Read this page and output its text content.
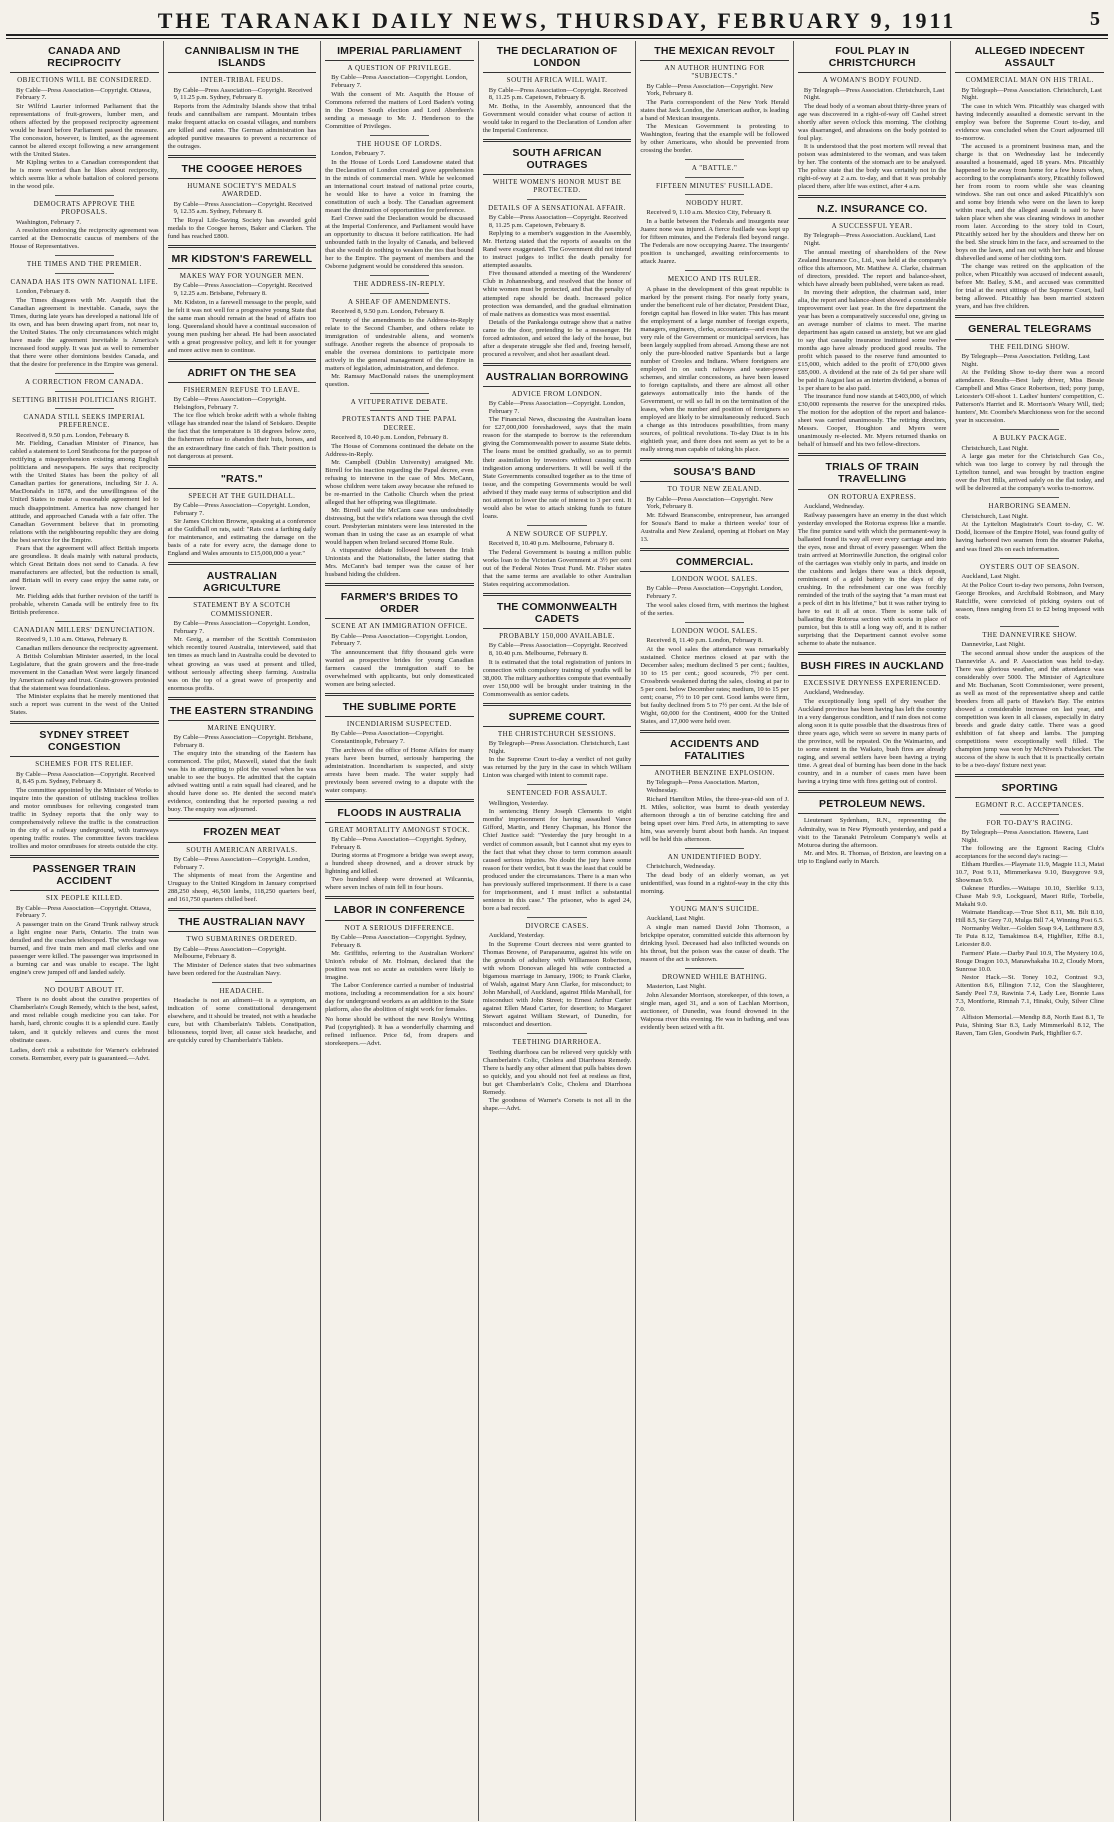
THE TARANAKI DAILY NEWS, THURSDAY, FEBRUARY 9, 1911	5
CANADA AND RECIPROCITY
OBJECTIONS WILL BE CONSIDERED.
By Cable—Press Association—Copyright. Ottawa, February 7.

Sir Wilfrid Laurier informed Parliament that the representations of fruit-growers, lumber men, and others affected by the proposed reciprocity agreement would be heard before Parliament passed the measure. The concession, however, is limited, as the agreement cannot be altered except following a new arrangement with the United States.

Mr Kipling writes to a Canadian correspondent that he is more worried than he likes about reciprocity, which seems like a whole battalion of colored persons in the wood pile.

DEMOCRATS APPROVE THE PROPOSALS.
Washington, February 7.

A resolution endorsing the reciprocity agreement was carried at the Democratic caucus of members of the House of Representatives.

THE TIMES AND THE PREMIER.
CANADA HAS ITS OWN NATIONAL LIFE.
London, February 8.

The Times disagrees with Mr. Asquith that the Canadian agreement is inevitable. Canada, says the Times, during late years has developed a national life of its own, and has been drawing apart from, not near to, the United States. The only circumstances which might have made the agreement inevitable is America's increased food supply. It was just as well to remember that there were other dominions besides Canada, and that the desire for preference in the Empire was general.

A CORRECTION FROM CANADA.
SETTING BRITISH POLITICIANS RIGHT.
CANADA STILL SEEKS IMPERIAL PREFERENCE.
Received 8, 9.50 p.m. London, February 8.

Mr. Fielding, Canadian Minister of Finance, has cabled a statement to Lord Strathcona for the purpose of rectifying a misapprehension existing among English politicians and newspapers. He says that reciprocity with the United States has been the policy of all Canadian parties for generations, including Sir J. A. MacDonald's in 1878, and the unwillingness of the United States to make a reasonable agreement led to much disappointment. America has now changed her attitude, and approached Canada with a fair offer. The Canadian Government believe that in promoting relations with the neighbouring republic they are doing the best service for the Empire.

Fears that the agreement will affect British imports are groundless. It deals mainly with natural products, which Great Britain does not send to Canada. A few manufacturers are affected, but the reduction is small, and Britain will in every case enjoy the same rate, or lower.

Mr. Fielding adds that further revision of the tariff is probable, wherein Canada will be entirely free to fix British preference.

CANADIAN MILLERS' DENUNCIATION.
Received 9, 1.10 a.m. Ottawa, February 8.

Canadian millers denounce the reciprocity agreement.

A British Columbian Minister asserted, in the local Legislature, that the grain growers and the free-trade movement in the Canadian West were largely financed by American railway and trust. Grain-growers protested that the statement was foundationless.

The Minister explains that he merely mentioned that such a report was current in the west of the United States.

SYDNEY STREET CONGESTION
SCHEMES FOR ITS RELIEF.
By Cable—Press Association—Copyright. Received 8, 8.45 p.m. Sydney, February 8.

The committee appointed by the Minister of Works to inquire into the question of utilising trackless trollies and motor omnibuses for relieving congested tram traffic in Sydney reports that the only way to comprehensively relieve the traffic is the construction in the city of a railway underground, with tramways opening traffic routes. The committee favors trackless trollies and motor omnibuses for streets outside the city.

PASSENGER TRAIN ACCIDENT
SIX PEOPLE KILLED.
By Cable—Press Association—Copyright. Ottawa, February 7.

A passenger train on the Grand Trunk railway struck a light engine near Paris, Ontario. The train was derailed and the coaches telescoped. The wreckage was burned, and five train men and mail clerks and one passenger were killed. The passenger was imprisoned in a burning car and was unable to escape. The light engine's crew jumped off and landed safely.

NO DOUBT ABOUT IT.

There is no doubt about the curative properties of Chamberlain's Cough Remedy, which is the best, safest, and most reliable cough medicine you can take. For harsh, hard, chronic coughs it is a splendid cure. Easily taken, and it quickly relieves and cures the most obstinate cases.

Ladies, don't risk a substitute for Warner's celebrated corsets. Remember, every pair is guaranteed.—Advt.
CANNIBALISM IN THE ISLANDS
INTER-TRIBAL FEUDS.
By Cable—Press Association—Copyright. Received 9, 11.25 p.m. Sydney, February 8.

Reports from the Admiralty Islands show that tribal feuds and cannibalism are rampant. Mountain tribes make frequent attacks on coastal villages, and numbers are killed and eaten. The German administration has adopted punitive measures to prevent a recurrence of the outrages.

THE COOGEE HEROES
HUMANE SOCIETY'S MEDALS AWARDED.
By Cable—Press Association—Copyright. Received 9, 12.35 a.m. Sydney, February 8.

The Royal Life-Saving Society has awarded gold medals to the Coogee heroes, Baker and Clarken. The fund has reached £800.

MR KIDSTON'S FAREWELL
MAKES WAY FOR YOUNGER MEN.
By Cable—Press Association—Copyright. Received 9, 12.25 a.m. Brisbane, February 8.

Mr. Kidston, in a farewell message to the people, said he felt it was not well for a progressive young State that the same man should remain at the head of affairs too long. Queensland should have a continual succession of young men pushing her ahead. He had been associated with a great progressive policy, and left it for younger and more active men to continue.

ADRIFT ON THE SEA
FISHERMEN REFUSE TO LEAVE.
By Cable—Press Association—Copyright. Helsingfors, February 7.

The ice floe which broke adrift with a whole fishing village has stranded near the island of Seiskaro. Despite the fact that the temperature is 18 degrees below zero, the fishermen refuse to abandon their huts, horses, and the an extraordinary fine catch of fish. Their position is not dangerous at present.

"RATS."
SPEECH AT THE GUILDHALL.
By Cable—Press Association—Copyright. London, February 7.

Sir James Crichton Browne, speaking at a conference at the Guildhall on rats, said: "Rats cost a farthing daily for maintenance, and estimating the damage on the basis of a rate for every acre, the damage done to England and Wales amounts to £15,000,000 a year."

AUSTRALIAN AGRICULTURE
STATEMENT BY A SCOTCH COMMISSIONER.
By Cable—Press Association—Copyright. London, February 7.

Mr. Greig, a member of the Scottish Commission which recently toured Australia, interviewed, said that ten times as much land in Australia could be devoted to wheat growing as was used at present and tilled, without seriously affecting sheep farming. Australia was on the top of a great wave of prosperity and enormous profits.

THE EASTERN STRANDING
MARINE ENQUIRY.
By Cable—Press Association—Copyright. Brisbane, February 8.

The enquiry into the stranding of the Eastern has commenced. The pilot, Maxwell, stated that the fault was his in attempting to pilot the vessel when he was unable to see the buoys. He admitted that the captain advised waiting until a rain squall had cleared, and he should have done so. He denied the second mate's evidence, contending that he reported passing a red buoy. The enquiry was adjourned.

FROZEN MEAT
SOUTH AMERICAN ARRIVALS.
By Cable—Press Association—Copyright. London, February 7.

The shipments of meat from the Argentine and Uruguay to the United Kingdom in January comprised 288,250 sheep, 46,500 lambs, 118,250 quarters beef, and 161,750 quarters chilled beef.

THE AUSTRALIAN NAVY
TWO SUBMARINES ORDERED.
By Cable—Press Association—Copyright. Melbourne, February 8.

The Minister of Defence states that two submarines have been ordered for the Australian Navy.

HEADACHE.

Headache is not an ailment—it is a symptom, an indication of some constitutional derangement elsewhere, and it should be treated, not with a headache cure, but with Chamberlain's Tablets. Constipation, biliousness, torpid liver, all cause sick headache, and are quickly cured by Chamberlain's Tablets.

IMPERIAL PARLIAMENT
A QUESTION OF PRIVILEGE.
By Cable—Press Association—Copyright. London, February 7.

With the consent of Mr. Asquith the House of Commons referred the matters of Lord Baden's voting in the Down South election and Lord Aberdeen's sending a message to Mr. J. Henderson to the Committee of Privileges.

THE HOUSE OF LORDS.
London, February 7.

In the House of Lords Lord Lansdowne stated that the Declaration of London created grave apprehension in the minds of commercial men. While he welcomed an international court instead of national prize courts, he would like to have a voice in framing the constitution of such a body. The Canadian agreement meant the diminution of opportunities for preference.

Earl Crewe said the Declaration would be discussed at the Imperial Conference, and Parliament would have an opportunity to discuss it before ratification. He had unbounded faith in the loyalty of Canada, and believed that she would do nothing to weaken the ties that bound her to the Empire. The payment of members and the Osborne judgment would be considered this session.

THE ADDRESS-IN-REPLY.
A SHEAF OF AMENDMENTS.
Received 8, 9.50 p.m. London, February 8.

Twenty of the amendments to the Address-in-Reply relate to the Second Chamber, and others relate to immigration of undesirable aliens, and women's suffrage. Another regrets the absence of proposals to enable the oversea dominions to participate more actively in the general management of the Empire in matters of legislation, administration, and defence.

Mr. Ramsay MacDonald raises the unemployment question.

A VITUPERATIVE DEBATE.
PROTESTANTS AND THE PAPAL DECREE.
Received 8, 10.40 p.m. London, February 8.

The House of Commons continued the debate on the Address-in-Reply.

Mr. Campbell (Dublin University) arraigned Mr. Birrell for his inaction regarding the Papal decree, even refusing to intervene in the case of Mrs. McCann, whose children were taken away because she refused to be re-married in the Catholic Church when the priest alleged that her offspring was illegitimate.

Mr. Birrell said the McCann case was undoubtedly distressing, but the wife's relations was through the civil court. Presbyterian ministers were less interested in the woman than in using the case as an example of what would happen when Ireland secured Home Rule.

A vituperative debate followed between the Irish Unionists and the Nationalists, the latter stating that Mrs. McCann's bad temper was the cause of her husband hiding the children.

FARMER'S BRIDES TO ORDER
SCENE AT AN IMMIGRATION OFFICE.
By Cable—Press Association—Copyright. London, February 7.

The announcement that fifty thousand girls were wanted as prospective brides for young Canadian farmers caused the immigration staff to be overwhelmed with applicants, but only domesticated women are being selected.

THE SUBLIME PORTE
INCENDIARISM SUSPECTED.
By Cable—Press Association—Copyright. Constantinople, February 7.

The archives of the office of Home Affairs for many years have been burned, seriously hampering the administration. Incendiarism is suspected, and sixty arrests have been made. The water supply had previously been severed owing to a dispute with the water company.

FLOODS IN AUSTRALIA
GREAT MORTALITY AMONGST STOCK.
By Cable—Press Association—Copyright. Sydney, February 8.

During storms at Frogmore a bridge was swept away, a hundred sheep drowned, and a drover struck by lightning and killed.

Two hundred sheep were drowned at Wilcannia, where seven inches of rain fell in four hours.

LABOR IN CONFERENCE
NOT A SERIOUS DIFFERENCE.
By Cable—Press Association—Copyright. Sydney, February 8.

Mr. Griffiths, referring to the Australian Workers' Union's rebuke of Mr. Holman, declared that the position was not so acute as outsiders were likely to imagine.

The Labor Conference carried a number of industrial motions, including a recommendation for a six hours' day for underground workers as an addition to the State platform, also the abolition of night work for females.

No home should be without the new Rosly's Writing Pad (copyrighted). It has a wonderfully charming and refined influence. Price 6d, from drapers and storekeepers.—Advt.
THE DECLARATION OF LONDON
SOUTH AFRICA WILL WAIT.
By Cable—Press Association—Copyright. Received 8, 11.25 p.m. Capetown, February 8.

Mr. Botha, in the Assembly, announced that the Government would consider what course of action it would take in regard to the Declaration of London after the Imperial Conference.

SOUTH AFRICAN OUTRAGES
WHITE WOMEN'S HONOR MUST BE PROTECTED.
DETAILS OF A SENSATIONAL AFFAIR.
By Cable—Press Association—Copyright. Received 8, 11.25 p.m. Capetown, February 8.

Replying to a member's suggestion in the Assembly, Mr. Hertzog stated that the reports of assaults on the Rand were exaggerated. The Government did not intend to instruct judges to inflict the death penalty for attempted assaults.

Five thousand attended a meeting of the Wanderers' Club in Johannesburg, and resolved that the honor of white women must be protected, and that the penalty of attempted rape should be death. Increased police protection was demanded, and the gradual elimination of male natives as domestics was most essential.

Details of the Pankalonga outrage show that a native came to the door, pretending to be a messenger. He forced admission, and seized the lady of the house, but after a desperate struggle she fled and, freeing herself, procured a revolver, and shot her assailant dead.

AUSTRALIAN BORROWING
ADVICE FROM LONDON.
By Cable—Press Association—Copyright. London, February 7.

The Financial News, discussing the Australian loans for £27,000,000 foreshadowed, says that the main reason for the stampede to borrow is the referendum giving the Commonwealth power to assume State debts. The loans must be omitted gradually, so as to permit their assimilation by investors without causing scrip indigestion among underwriters. It will be well if the State Governments consulted together as to the time of issue, and the competing Governments would be well advised if they made easy terms of subscription and did not attempt to lower the rate of interest to 3 per cent. It would also be wise to attach sinking funds to future loans.

A NEW SOURCE OF SUPPLY.
Received 8, 10.40 p.m. Melbourne, February 8.

The Federal Government is issuing a million public works loan to the Victorian Government at 3½ per cent out of the Federal Notes Trust Fund. Mr. Fisher states that the same terms are available to other Australian States requiring accommodation.

THE COMMONWEALTH CADETS
PROBABLY 150,000 AVAILABLE.
By Cable—Press Association—Copyright. Received 8, 10.40 p.m. Melbourne, February 8.

It is estimated that the total registration of juniors in connection with compulsory training of youths will be 38,000. The military authorities compute that eventually over 150,000 will be brought under training in the Commonwealth as senior cadets.

SUPREME COURT.
THE CHRISTCHURCH SESSIONS.
By Telegraph—Press Association. Christchurch, Last Night.

In the Supreme Court to-day a verdict of not guilty was returned by the jury in the case in which William Linton was charged with intent to commit rape.

SENTENCED FOR ASSAULT.
Wellington, Yesterday.

In sentencing Henry Joseph Clements to eight months' imprisonment for having assaulted Vance Gifford, Martin, and Henry Chapman, his Honor the Chief Justice said: "Yesterday the jury brought in a verdict of common assault, but I cannot shut my eyes to the fact that what they chose to term common assault caused serious injuries. No doubt the jury have some reason for their verdict, but it was the least that could be produced under the circumstances. There is a man who has previously suffered imprisonment. If there is a case for imprisonment, and I must inflict a substantial sentence in this case." The prisoner, who is aged 24, bore a bad record.

DIVORCE CASES.
Auckland, Yesterday.

In the Supreme Court decrees nisi were granted to Thomas Browne, of Paraparaumu, against his wife on the grounds of adultery with Williamson Robertson, with whom Donovan alleged his wife contracted a bigamous marriage in January, 1906; to Frank Clarke, of Walsh, against Mary Ann Clarke, for misconduct; to John Marshall, of Auckland, against Hilda Marshall, for misconduct with John Street; to Ernest Arthur Carter against Ellen Maud Carter, for desertion; to Margaret Stewart against William Stewart, of Dunedin, for misconduct and desertion.

TEETHING DIARRHOEA.

Teething diarrhoea can be relieved very quickly with Chamberlain's Colic, Cholera and Diarrhoea Remedy. There is hardly any other ailment that pulls babies down so quickly, and you should not feel at restless as first, but get Chamberlain's Colic, Cholera and Diarrhoea Remedy.

The goodness of Warner's Corsets is not all in the shape.—Advt.

THE MEXICAN REVOLT
AN AUTHOR HUNTING FOR "SUBJECTS."
By Cable—Press Association—Copyright. New York, February 8.

The Paris correspondent of the New York Herald states that Jack London, the American author, is leading a band of Mexican insurgents.

The Mexican Government is protesting to Washington, fearing that the example will be followed by other Americans, who should be prevented from crossing the border.

A "BATTLE."
FIFTEEN MINUTES' FUSILLADE.
NOBODY HURT.
Received 9, 1.10 a.m. Mexico City, February 8.

In a battle between the Federals and insurgents near Juarez none was injured. A fierce fusillade was kept up for fifteen minutes, and the Federals fled beyond range. The Federals are now occupying Juarez. The insurgents' position is unchanged, awaiting reinforcements to attack Juarez.

MEXICO AND ITS RULER.

A phase in the development of this great republic is marked by the present rising. For nearly forty years, under the beneficent rule of her dictator, President Diaz, foreign capital has flowed in like water. This has meant the employment of a large number of foreign experts, managers, engineers, clerks, accountants—and even the very rule of the Government or municipal services, has been largely supplied from abroad. Among these are not only the pure-blooded native Spaniards but a large number of Creoles and Indians. Where foreigners are employed in on such railways and water-power schemes, and similar concessions, as have been leased to foreign capitalists, and there are almost all other gateways automatically into the hands of the Government, or will so fall in on the termination of the leases, when the number and position of foreigners so employed are likely to be simultaneously reduced. Such a change as this introduces possibilities, from many sources, of political revolutions. To-day Diaz is in his eightieth year, and there does not seem as yet to be a really strong man capable of taking his place.

SOUSA'S BAND
TO TOUR NEW ZEALAND.
By Cable—Press Association—Copyright. New York, February 8.

Mr. Edward Branscombe, entrepreneur, has arranged for Sousa's Band to make a thirteen weeks' tour of Australia and New Zealand, opening at Hobart on May 13.

COMMERCIAL.
LONDON WOOL SALES.
By Cable—Press Association—Copyright. London, February 7.

The wool sales closed firm, with merinos the highest of the series.

LONDON WOOL SALES.
Received 8, 11.40 p.m. London, February 8.

At the wool sales the attendance was remarkably sustained. Choice merinos closed at par with the December sales; medium declined 5 per cent.; faulties, 10 to 15 per cent.; good scoureds, 7½ per cent. Crossbreds weakened during the sales, closing at par to 5 per cent. below December rates; medium, 10 to 15 per cent; coarse, 7½ to 10 per cent. Good lambs were firm, but faulty declined from 5 to 7½ per cent. At the Isle of Wight, 60,000 for the Continent, 4000 for the United States, and 17,000 were held over.

ACCIDENTS AND FATALITIES
ANOTHER BENZINE EXPLOSION.
By Telegraph—Press Association. Marton, Wednesday.

Richard Hamilton Miles, the three-year-old son of J. H. Miles, solicitor, was burnt to death yesterday afternoon through a tin of benzine catching fire and being upset over him. Fred Arts, in attempting to save him, was severely burnt about both hands. An inquest will be held this afternoon.

AN UNIDENTIFIED BODY.
Christchurch, Wednesday.

The dead body of an elderly woman, as yet unidentified, was found in a rightof-way in the city this morning.

YOUNG MAN'S SUICIDE.
Auckland, Last Night.

A single man named David John Thomson, a brickpipe operator, committed suicide this afternoon by drinking lysol. Deceased had also inflicted wounds on his throat, but the poison was the cause of death. The reason of the act is unknown.

DROWNED WHILE BATHING.
Masterton, Last Night.

John Alexander Morrison, storekeeper, of this town, a single man, aged 31, and a son of Lachlan Morrison, auctioneer, of Dunedin, was found drowned in the Waipoua river this evening. He was in bathing, and was evidently been seized with a fit.

FOUL PLAY IN CHRISTCHURCH
A WOMAN'S BODY FOUND.
By Telegraph—Press Association. Christchurch, Last Night.

The dead body of a woman about thirty-three years of age was discovered in a right-of-way off Cashel street shortly after seven o'clock this morning. The clothing was disarranged, and abrasions on the body pointed to foul play.

It is understood that the post mortem will reveal that poison was administered to the woman, and was taken by her. The contents of the stomach are to be analysed. The police state that the body was certainly not in the right-of-way at 2 a.m. to-day, and that it was probably placed there, after life was extinct, after 4 a.m.

N.Z. INSURANCE CO.
A SUCCESSFUL YEAR.
By Telegraph—Press Association. Auckland, Last Night.

The annual meeting of shareholders of the New Zealand Insurance Co., Ltd., was held at the company's office this afternoon, Mr. Matthew A. Clarke, chairman of directors, presided. The report and balance-sheet, which have already been published, were taken as read.

In moving their adoption, the chairman said, inter alia, the report and balance-sheet showed a considerable improvement over last year. In the fire department the year has been a comparatively successful one, giving us an average number of claims to meet. The marine department has again caused us anxiety, but we are glad to say that casualty insurance instituted some twelve months ago have already produced good results. The profit which passed to the reserve fund amounted to £15,000, which added to the profit of £70,000 gives £85,000. A dividend at the rate of 2s 6d per share will be paid in August last as an interim dividend, a bonus of 1s per share to be also paid.

The insurance fund now stands at £403,000, of which £30,000 represents the reserve for the unexpired risks. The motion for the adoption of the report and balance-sheet was carried unanimously. The retiring directors, Messrs. Cooper, Houghton and Myers were unanimously re-elected. Mr. Myers returned thanks on behalf of himself and his two fellow-directors.

TRIALS OF TRAIN TRAVELLING
ON ROTORUA EXPRESS.
Auckland, Wednesday.

Railway passengers have an enemy in the dust which yesterday enveloped the Rotorua express like a mantle. The fine pumice sand with which the permanent-way is ballasted found its way all over every carriage and into the eyes, nose and throat of every passenger. When the train arrived at Morrinsville Junction, the original color of the carriages was visibly only in parts, and inside on the cushions and ledges there was a thick deposit, reminiscent of a gold battery in the days of dry crushing. In the refreshment car one was forcibly reminded of the truth of the saying that "a man must eat a peck of dirt in his lifetime," but it was rather trying to have to eat it all at once. There is some talk of ballasting the Rotorua section with scoria in place of pumice, but this is still a long way off, and it is rather surprising that the Department cannot evolve some scheme to abate the nuisance.

BUSH FIRES IN AUCKLAND
EXCESSIVE DRYNESS EXPERIENCED.
Auckland, Wednesday.

The exceptionally long spell of dry weather the Auckland province has been having has left the country in a very dangerous condition, and if rain does not come along soon it is quite possible that the disastrous fires of three years ago, which were so severe in many parts of the province, will be repeated. On the Waimarino, and to some extent in the Waikato, bush fires are already raging, and several settlers have been having a trying time. A great deal of burning has been done in the back country, and in a number of cases men have been having a trying time with fires getting out of control.

PETROLEUM NEWS.

Lieutenant Sydenham, R.N., representing the Admiralty, was in New Plymouth yesterday, and paid a visit to the Taranaki Petroleum Company's wells at Moturoa during the afternoon.

Mr. and Mrs. R. Thomas, of Brixton, are leaving on a trip to England early in March.

ALLEGED INDECENT ASSAULT
COMMERCIAL MAN ON HIS TRIAL.
By Telegraph—Press Association. Christchurch, Last Night.

The case in which Wm. Pitcaithly was charged with having indecently assaulted a domestic servant in the employ was before the Supreme Court to-day, and evidence was concluded when the Court adjourned till to-morrow.

The accused is a prominent business man, and the charge is that on Wednesday last he indecently assaulted a housemaid, aged 18 years. Mrs. Pitcaithly happened to be away from home for a few hours when, according to the complainant's story, Pitcaithly followed her from room to room while she was cleaning windows. She ran out once and asked Pitcaithly's son and some boy friends who were on the lawn to keep within reach, and the alleged assault is said to have taken place when she was cleaning windows in another room later. According to the story told in Court, Pitcaithly seized her by the shoulders and threw her on the bed. She struck him in the face, and screamed to the boys on the lawn, and ran out with her hair and blouse dishevelled and some of her clothing torn.

The change was retired on the application of the police, when Pitcaithly was accused of indecent assault, before Mr. Bailey, S.M., and accused was committed for trial at the next sittings of the Supreme Court, bail being allowed. Pitcaithly has been married sixteen years, and has five children.

GENERAL TELEGRAMS
THE FEILDING SHOW.
By Telegraph—Press Association. Feilding, Last Night.

At the Feilding Show to-day there was a record attendance. Results—Best lady driver, Miss Bessie Campbell and Miss Grace Robertson, tied; pony jump, Leicester's Off-shoot 1. Ladies' hunters' competition, C. Patterson's Harriet and R. Morrison's Weary Will, tied; hunters', Mr. Coombe's Marchioness won for the second year in succession.

A BULKY PACKAGE.
Christchurch, Last Night.

A large gas meter for the Christchurch Gas Co., which was too large to convey by rail through the Lyttelton tunnel, and was brought by traction engine over the Port Hills, arrived safely on the flat today, and will be delivered at the company's works to-morrow.

HARBORING SEAMEN.
Christchurch, Last Night.

At the Lyttelton Magistrate's Court to-day, C. W. Dodd, licensee of the Empire Hotel, was found guilty of having harbored two seamen from the steamer Pakeha, and was fined 20s on each information.

OYSTERS OUT OF SEASON.
Auckland, Last Night.

At the Police Court to-day two persons, John Iverson, George Brookes, and Archibald Robinson, and Mary Ratcliffe, were convicted of picking oysters out of season, fines ranging from £1 to £2 being imposed with costs.

THE DANNEVIRKE SHOW.
Dannevirke, Last Night.

The second annual show under the auspices of the Dannevirke A. and P. Association was held to-day. There was glorious weather, and the attendance was considerably over 5000. The Minister of Agriculture and Mr. Buchanan, Scott Commissioner, were present, as well as most of the representative sheep and cattle breeders from all parts of Hawke's Bay. The entries showed a considerable increase on last year, and competition was keen in all classes, especially in dairy breeds and grade dairy cattle. There was a good exhibition of fat sheep and lambs. The jumping competitions were exceptionally well filled. The champion jump was won by McNiven's Fulsocket. The success of the show is such that it is practically certain to be a two-days' fixture next year.

SPORTING
EGMONT R.C. ACCEPTANCES.
FOR TO-DAY'S RACING.
By Telegraph—Press Association. Hawera, Last Night.

The following are the Egmont Racing Club's acceptances for the second day's racing:—

Eltham Hurdles.—Playmate 11.9, Magpie 11.3, Matai 10.7, Post 9.11, Mimmerkawa 9.10, Busygrove 9.9, Showman 9.9.

Oaknese Hurdles.—Waitapu 10.10, Sterlike 9.13, Chase Mab 9.9, Lockguard, Maori Rifle, Torbelle, Makahi 9.0.

Waimate Handicap.—True Shot 8.11, Mt. Bilt 8.10, Hill 8.5, Sir Grey 7.0, Mulga Bill 7.4, Winning Post 6.5.

Normanby Welter.—Golden Soap 9.4, Leithmere 8.9, Te Puia 8.12, Tamakimoa 8.4, Highflier, Effie 8.1, Leicester 8.0.

Farmers' Plate.—Darby Paul 10.9, The Mystery 10.6, Rouge Dragon 10.3, Manawhakaha 10.2, Cloudy Morn, Sunrose 10.0.

Nestor Hack.—St. Toney 10.2, Contrast 9.3, Attention 8.6, Ellington 7.12, Con the Slaughterer, Sandy Peel 7.9, Rawinia 7.4, Lady Lee, Bonnie Lass 7.3, Montforte, Rimnah 7.1, Hinaki, Ouly, Silver Cline 7.0.

Alfiston Memorial.—Mendip 8.8, North East 8.1, Te Puia, Shining Star 8.3, Lady Mimmerkahl 8.12, The Raven, Tam Glen, Goodwin Park, Highflier 6.7.
